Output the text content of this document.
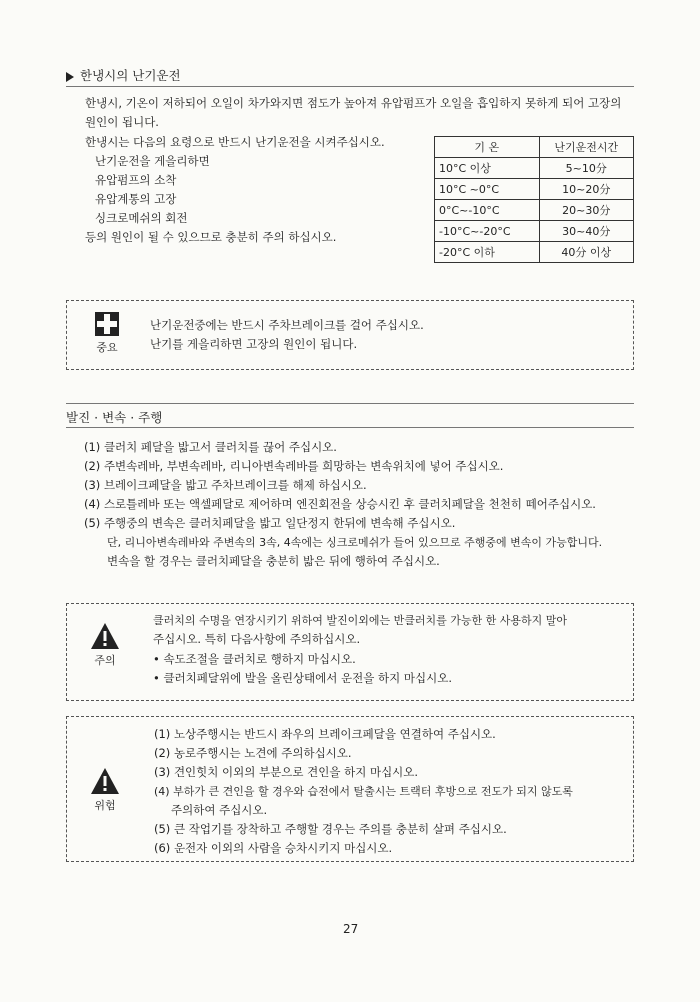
한냉시의 난기운전
한냉시, 기온이 저하되어 오일이 차가와지면 점도가 높아져 유압펌프가 오일을 흡입하지 못하게 되어 고장의
원인이 됩니다.
한냉시는 다음의 요령으로 반드시 난기운전을 시켜주십시오.
난기운전을 게을리하면
유압펌프의 소착
유압계통의 고장
싱크로메쉬의 회전
등의 원인이 될 수 있으므로 충분히 주의 하십시오.
기 온	난기운전시간
10°C 이상	5~10分
10°C ~0°C	10~20分
0°C~-10°C	20~30分
-10°C~-20°C	30~40分
-20°C 이하	40分 이상
중요
난기운전중에는 반드시 주차브레이크를 걸어 주십시오.
난기를 게을리하면 고장의 원인이 됩니다.
발진 · 변속 · 주행
(1) 클러치 페달을 밟고서 클러치를 끊어 주십시오.
(2) 주변속레바, 부변속레바, 리니아변속레바를 희망하는 변속위치에 넣어 주십시오.
(3) 브레이크페달을 밟고 주차브레이크를 해제 하십시오.
(4) 스로틀레바 또는 액셀페달로 제어하며 엔진회전을 상승시킨 후 클러치페달을 천천히 떼어주십시오.
(5) 주행중의 변속은 클러치페달을 밟고 일단정지 한뒤에 변속해 주십시오.
단, 리니아변속레바와 주변속의 3속, 4속에는 싱크로메쉬가 들어 있으므로 주행중에 변속이 가능합니다.
변속을 할 경우는 클러치페달을 충분히 밟은 뒤에 행하여 주십시오.
주의
클러치의 수명을 연장시키기 위하여 발진이외에는 반클러치를 가능한 한 사용하지 말아
주십시오. 특히 다음사항에 주의하십시오.
• 속도조절을 클러치로 행하지 마십시오.
• 클러치페달위에 발을 올린상태에서 운전을 하지 마십시오.
위험
(1) 노상주행시는 반드시 좌우의 브레이크페달을 연결하여 주십시오.
(2) 농로주행시는 노견에 주의하십시오.
(3) 견인힛치 이외의 부분으로 견인을 하지 마십시오.
(4) 부하가 큰 견인을 할 경우와 습전에서 탈출시는 트랙터 후방으로 전도가 되지 않도록
주의하여 주십시오.
(5) 큰 작업기를 장착하고 주행할 경우는 주의를 충분히 살펴 주십시오.
(6) 운전자 이외의 사람을 승차시키지 마십시오.
27
